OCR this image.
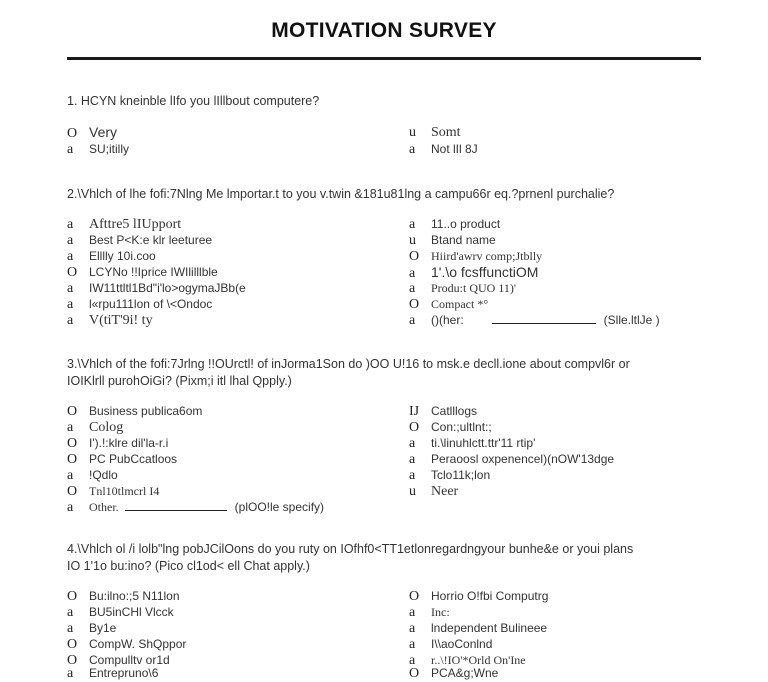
MOTIVATION SURVEY
1. HCYN kneinble lIfo you lIllbout computere?
O Very
a SU;itilly
u Somt
a Not lIl 8J
2.\Vhlch of lhe fofi:7Nlng Me lmportar.t to you v.twin &181u81lng a campu66r eq.?prnenl purchalie?
a Afttre5 lIUpport
a Best P<K:e klr leeturee
a Elllly 10i.coo
O LCYNo !!Iprice IWIlilllble
a IW11ttltl1Bd"i'lo>ogymaJBb(e
a l«rpu111lon of \<Ondoc
a V(tiT'9i! ty
a 11..o product
u Btand name
O Hiird'awrv comp;Jtblly
a 1'.\o fcsffunctiOM
a Produ:t QUO 11)'
O Compact *°
a ()(her:	(Slle.ltlJe )
3.\Vhlch of the fofi:7Jrlng !!OUrctl! of inJorma1Son do )OO U!16 to msk.e decll.ione about compvl6r or
IOIKlrll purohOiGi? (Pixm;i itl lhal Qpply.)
O Business publica6om
a Colog
O I').!:klre dil'la-r.i
O PC PubCcatloos
a !Qdlo
O Tnl10tlmcrl I4
a Other.	(plOO!le specify)
IJ Catlllogs
O Con:;ultlnt:;
a ti.\linuhlctt.ttr'11 rtip'
a Peraoosl oxpenencel)(nOW'13dge
a Tclo11k;lon
u Neer
4.\Vhlch ol /i lolb"lng pobJCilOons do you ruty on IOfhf0<TT1etlonregardngyour bunhe&e or youi plans
IO 1'1o bu:ino? (Pico cl1od< ell Chat apply.)
O Bu:ilno:;5 N11lon
a BU5inCHl Vlcck
a By1e
O CompW. ShQppor
O Compulltv or1d
a Entrepruno\6
O Horrio O!fbi Computrg
a Inc:
a lndependent Bulineee
a I\\aoConlnd
a r..\!IO'*Orld On'Ine
O PCA&g;Wne
